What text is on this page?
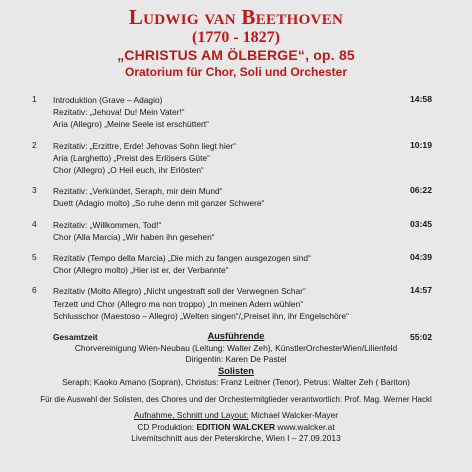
Ludwig van Beethoven
(1770 - 1827)
„CHRISTUS AM ÖLBERGE“, op. 85
Oratorium für Chor, Soli und Orchester
1	Introduktion (Grave – Adagio)
Rezitativ: „Jehova! Du! Mein Vater!“
Aria (Allegro) „Meine Seele ist erschüttert“
14:58
2	Rezitativ: „Erzittre, Erde! Jehovas Sohn liegt hier“
Aria (Larghetto) „Preist des Erlösers Güte“
Chor (Allegro) „O Heil euch, ihr Erlösten“
10:19
3	Rezitativ: „Verkündet, Seraph, mir dein Mund“
Duett (Adagio molto) „So ruhe denn mit ganzer Schwere“
06:22
4	Rezitativ: „Willkommen, Tod!“
Chor (Alla Marcia) „Wir haben ihn gesehen“
03:45
5	Rezitativ (Tempo della Marcia) „Die mich zu fangen ausgezogen sind“
Chor (Allegro molto) „Hier ist er, der Verbannte“
04:39
6	Rezitativ (Molto Allegro) „Nicht ungestraft soll der Verwegnen Schar“
Terzett und Chor (Allegro ma non troppo) „In meinen Adern wühlen“
Schlusschor (Maestoso – Allegro) „Welten singen“/„Preiset ihn, ihr Engelschöre“
14:57
Gesamtzeit	55:02
Ausführende
Chorvereinigung Wien-Neubau (Leitung: Walter Zeh), KünstlerOrchesterWien/Lilienfeld
Dirigentin: Karen De Pastel
Solisten
Seraph: Kaoko Amano (Sopran), Christus: Franz Leitner (Tenor), Petrus: Walter Zeh ( Bariton)
Für die Auswahl der Solisten, des Chores und der Orchestermitglieder verantwortlich: Prof. Mag. Werner Hackl
Aufnahme, Schnitt und Layout: Michael Walcker-Mayer
CD Produktion: EDITION WALCKER www.walcker.at
Livemitschnitt aus der Peterskirche, Wien I – 27.09.2013
